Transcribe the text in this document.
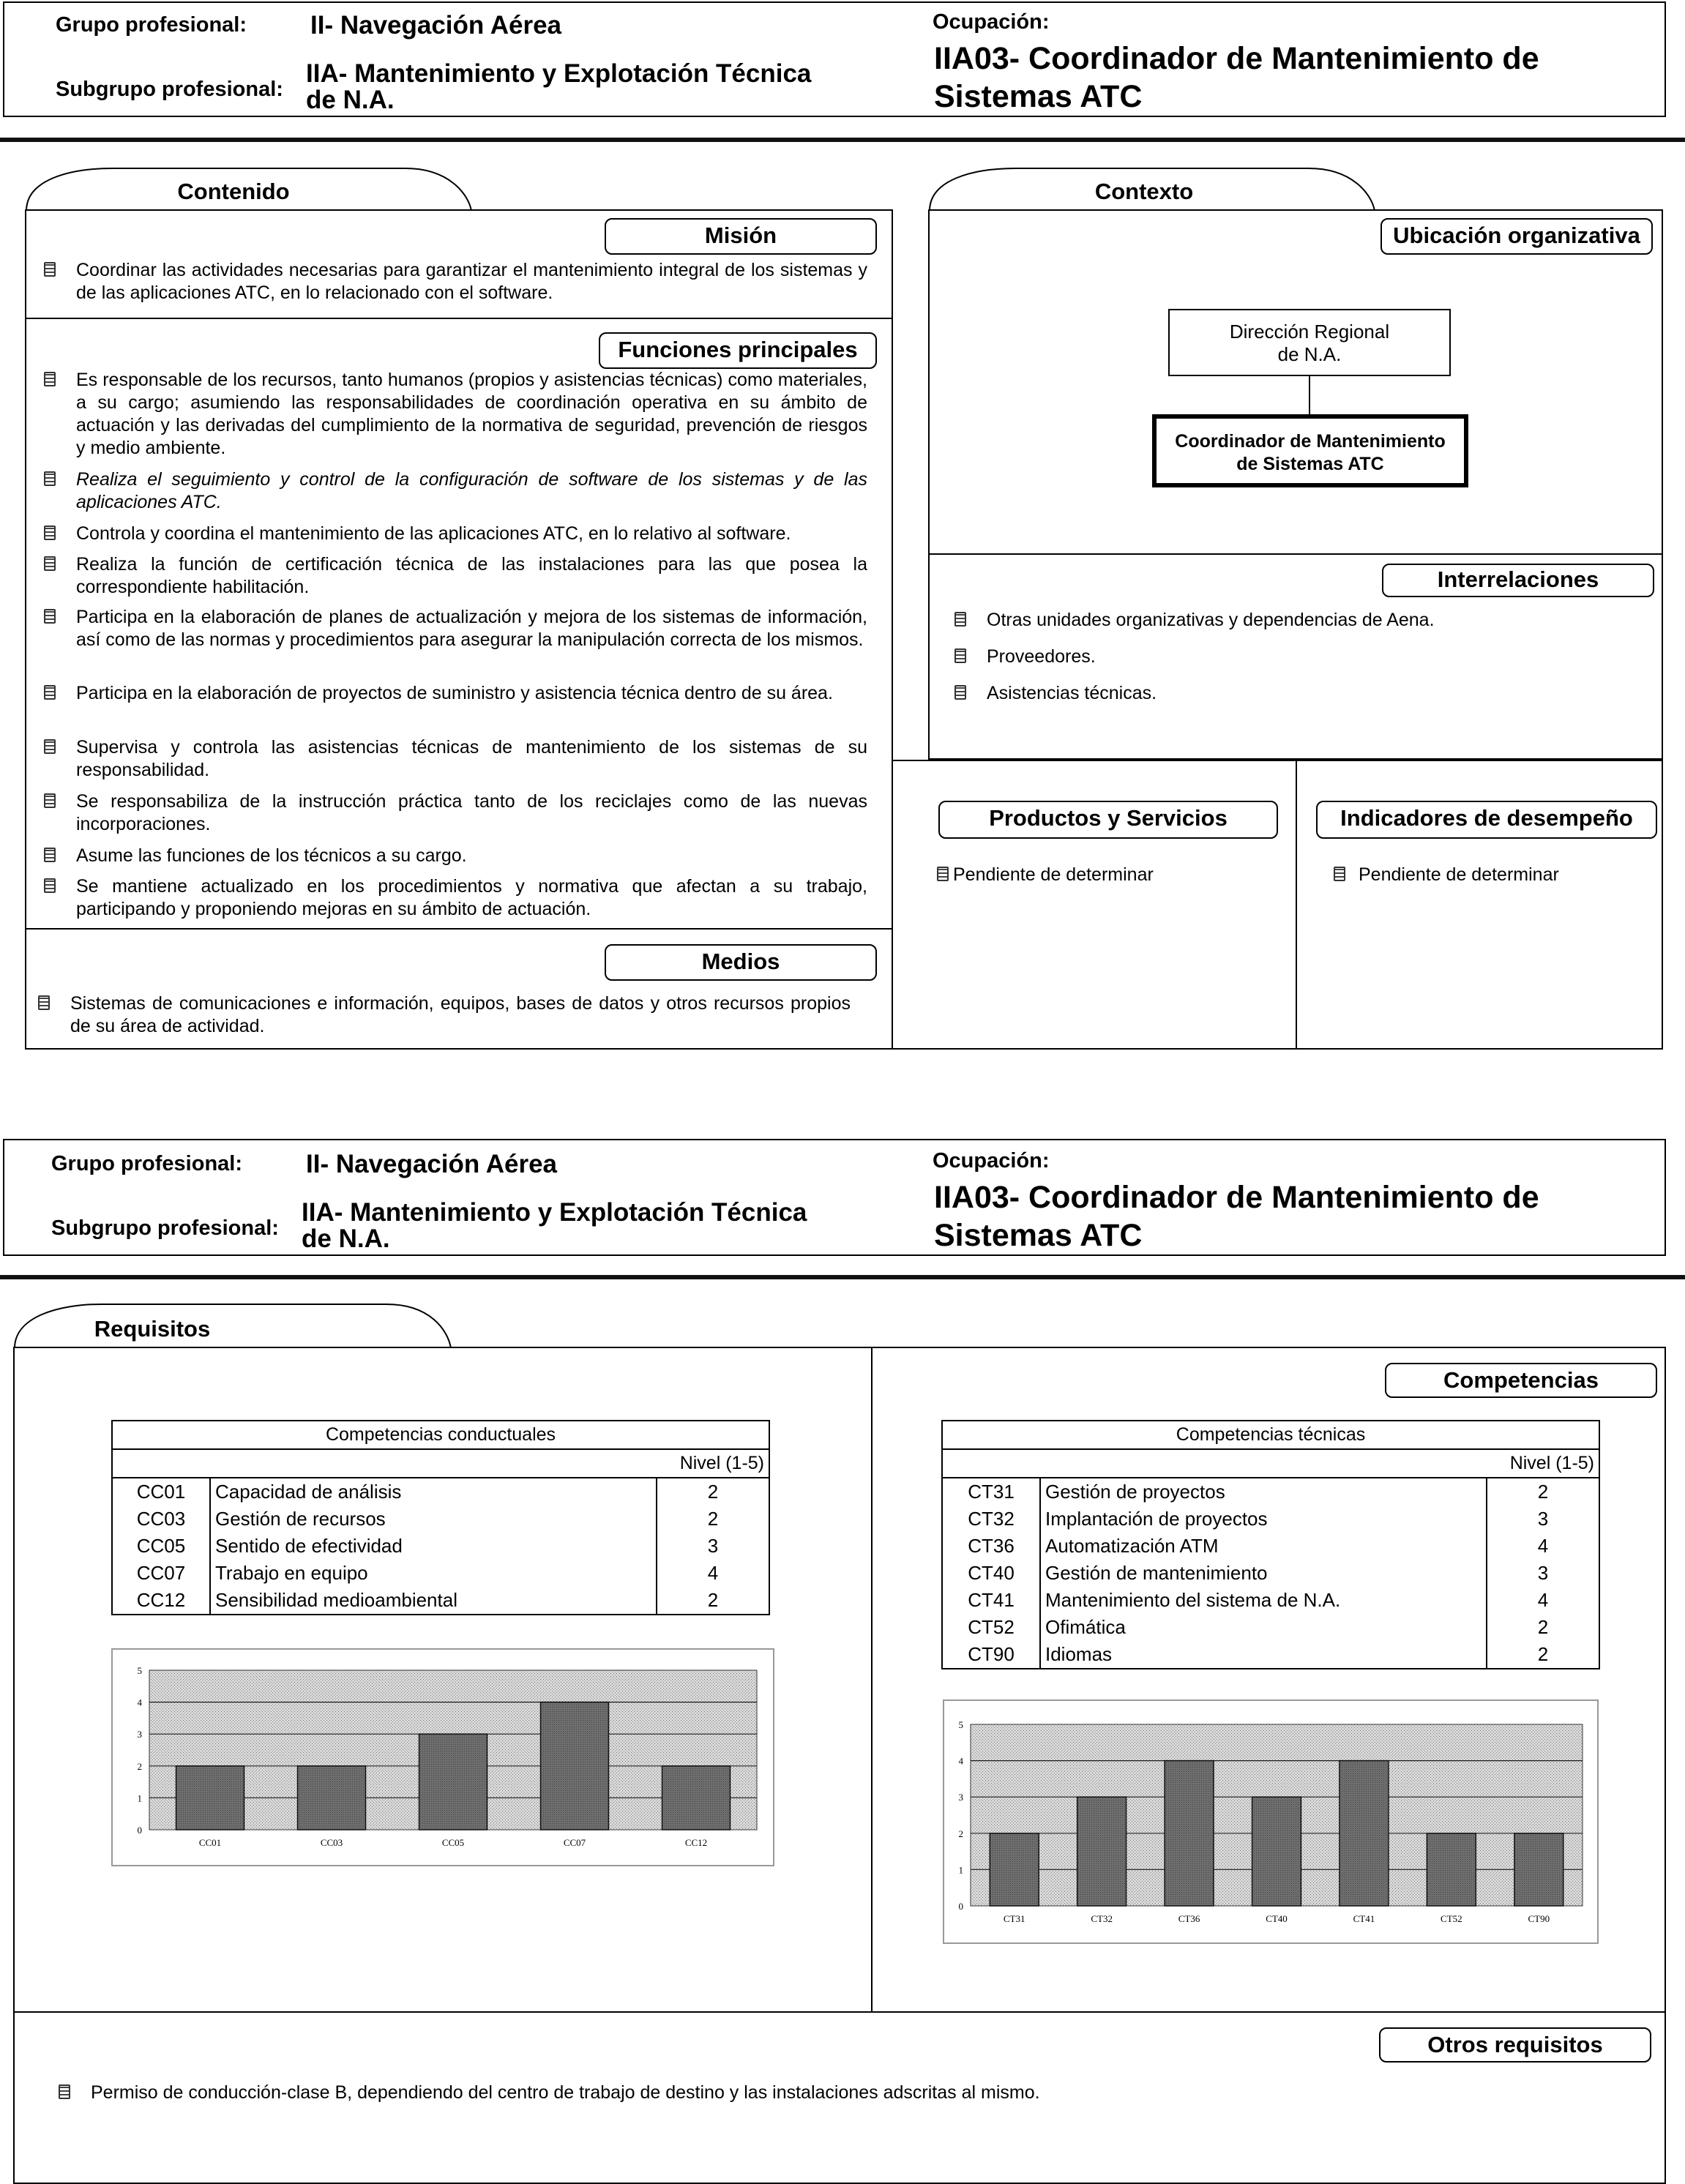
Grupo profesional: II- Navegación Aérea
Subgrupo profesional:
IIA- Mantenimiento y Explotación Técnica
de N.A.
Ocupación:
IIA03- Coordinador de Mantenimiento de
Sistemas ATC
Contenido
Misión
Coordinar las actividades necesarias para garantizar el mantenimiento integral de los sistemas y de las aplicaciones ATC, en lo relacionado con el software.
Funciones principales
Es responsable de los recursos, tanto humanos (propios y asistencias técnicas) como materiales, a su cargo; asumiendo las responsabilidades de coordinación operativa en su ámbito de actuación y las derivadas del cumplimiento de la normativa de seguridad, prevención de riesgos y medio ambiente.
Realiza el seguimiento y control de la configuración de software de los sistemas y de las aplicaciones ATC.
Controla y coordina el mantenimiento de las aplicaciones ATC, en lo relativo al software.
Realiza la función de certificación técnica de las instalaciones para las que posea la correspondiente habilitación.
Participa en la elaboración de planes de actualización y mejora de los sistemas de información, así como de las normas y procedimientos para asegurar la manipulación correcta de los mismos.
Participa en la elaboración de proyectos de suministro y asistencia técnica dentro de su área.
Supervisa y controla las asistencias técnicas de mantenimiento de los sistemas de su responsabilidad.
Se responsabiliza de la instrucción práctica tanto de los reciclajes como de las nuevas incorporaciones.
Asume las funciones de los técnicos a su cargo.
Se mantiene actualizado en los procedimientos y normativa que afectan a su trabajo, participando y proponiendo mejoras en su ámbito de actuación.
Medios
Sistemas de comunicaciones e información, equipos, bases de datos y otros recursos propios de su área de actividad.
Contexto
Ubicación organizativa
Dirección Regional de N.A.
Coordinador de Mantenimiento de Sistemas ATC
Interrelaciones
Otras unidades organizativas y dependencias de Aena.
Proveedores.
Asistencias técnicas.
Productos y Servicios	Indicadores de desempeño
Pendiente de determinar	Pendiente de determinar
Grupo profesional: II- Navegación Aérea
Subgrupo profesional:
IIA- Mantenimiento y Explotación Técnica
de N.A.
Ocupación:
IIA03- Coordinador de Mantenimiento de
Sistemas ATC
Requisitos
Competencias
Competencias conductuales		
Nivel (1-5)		
CC01	Capacidad de análisis	2
CC03	Gestión de recursos	2
CC05	Sentido de efectividad	3
CC07	Trabajo en equipo	4
CC12	Sensibilidad medioambiental	2
Competencias técnicas		
Nivel (1-5)		
CT31	Gestión de proyectos	2
CT32	Implantación de proyectos	3
CT36	Automatización ATM	4
CT40	Gestión de mantenimiento	3
CT41	Mantenimiento del sistema de N.A.	4
CT52	Ofimática	2
CT90	Idiomas	2
0
1
2
3
4
5
CC01	CC03	CC05	CC07	CC12
0
1
2
3
4
5
CT31	CT32	CT36	CT40	CT41	CT52	CT90
Otros requisitos
Permiso de conducción-clase B, dependiendo del centro de trabajo de destino y las instalaciones adscritas al mismo.
